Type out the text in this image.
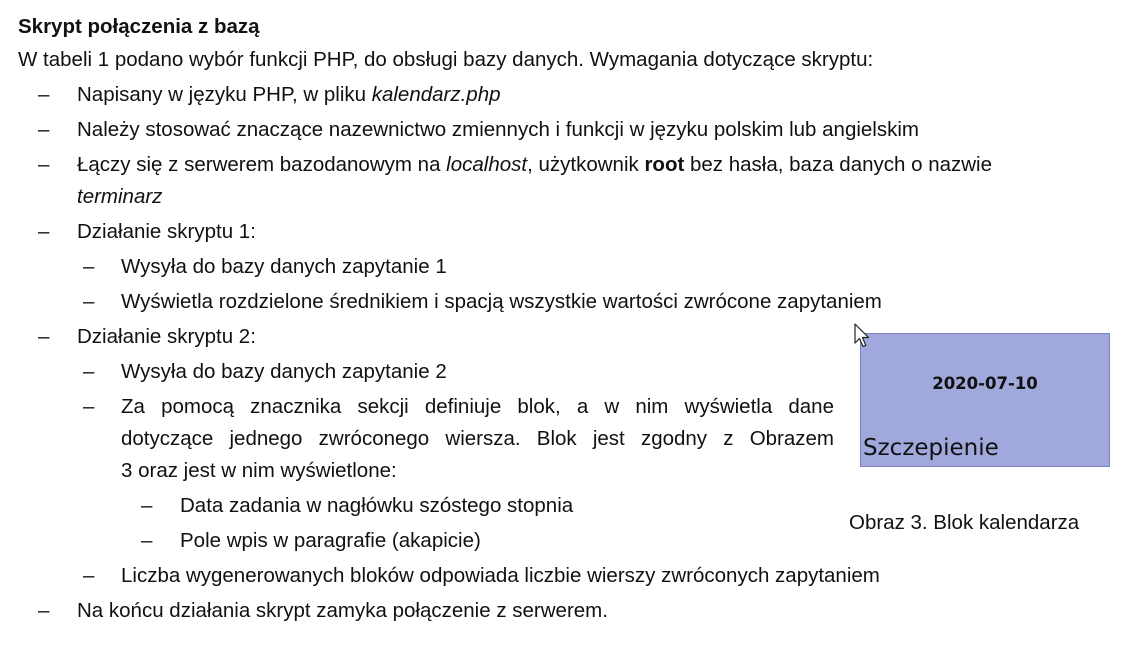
Skrypt połączenia z bazą
W tabeli 1 podano wybór funkcji PHP, do obsługi bazy danych. Wymagania dotyczące skryptu:
– Napisany w języku PHP, w pliku kalendarz.php
– Należy stosować znaczące nazewnictwo zmiennych i funkcji w języku polskim lub angielskim
– Łączy się z serwerem bazodanowym na localhost, użytkownik root bez hasła, baza danych o nazwie
terminarz
– Działanie skryptu 1:
– Wysyła do bazy danych zapytanie 1
– Wyświetla rozdzielone średnikiem i spacją wszystkie wartości zwrócone zapytaniem
– Działanie skryptu 2:
– Wysyła do bazy danych zapytanie 2
– Za pomocą znacznika sekcji definiuje blok, a w nim wyświetla dane
dotyczące jednego zwróconego wiersza. Blok jest zgodny z Obrazem
3 oraz jest w nim wyświetlone:
– Data zadania w nagłówku szóstego stopnia
– Pole wpis w paragrafie (akapicie)
– Liczba wygenerowanych bloków odpowiada liczbie wierszy zwróconych zapytaniem
– Na końcu działania skrypt zamyka połączenie z serwerem.
2020-07-10
Szczepienie
Obraz 3. Blok kalendarza
